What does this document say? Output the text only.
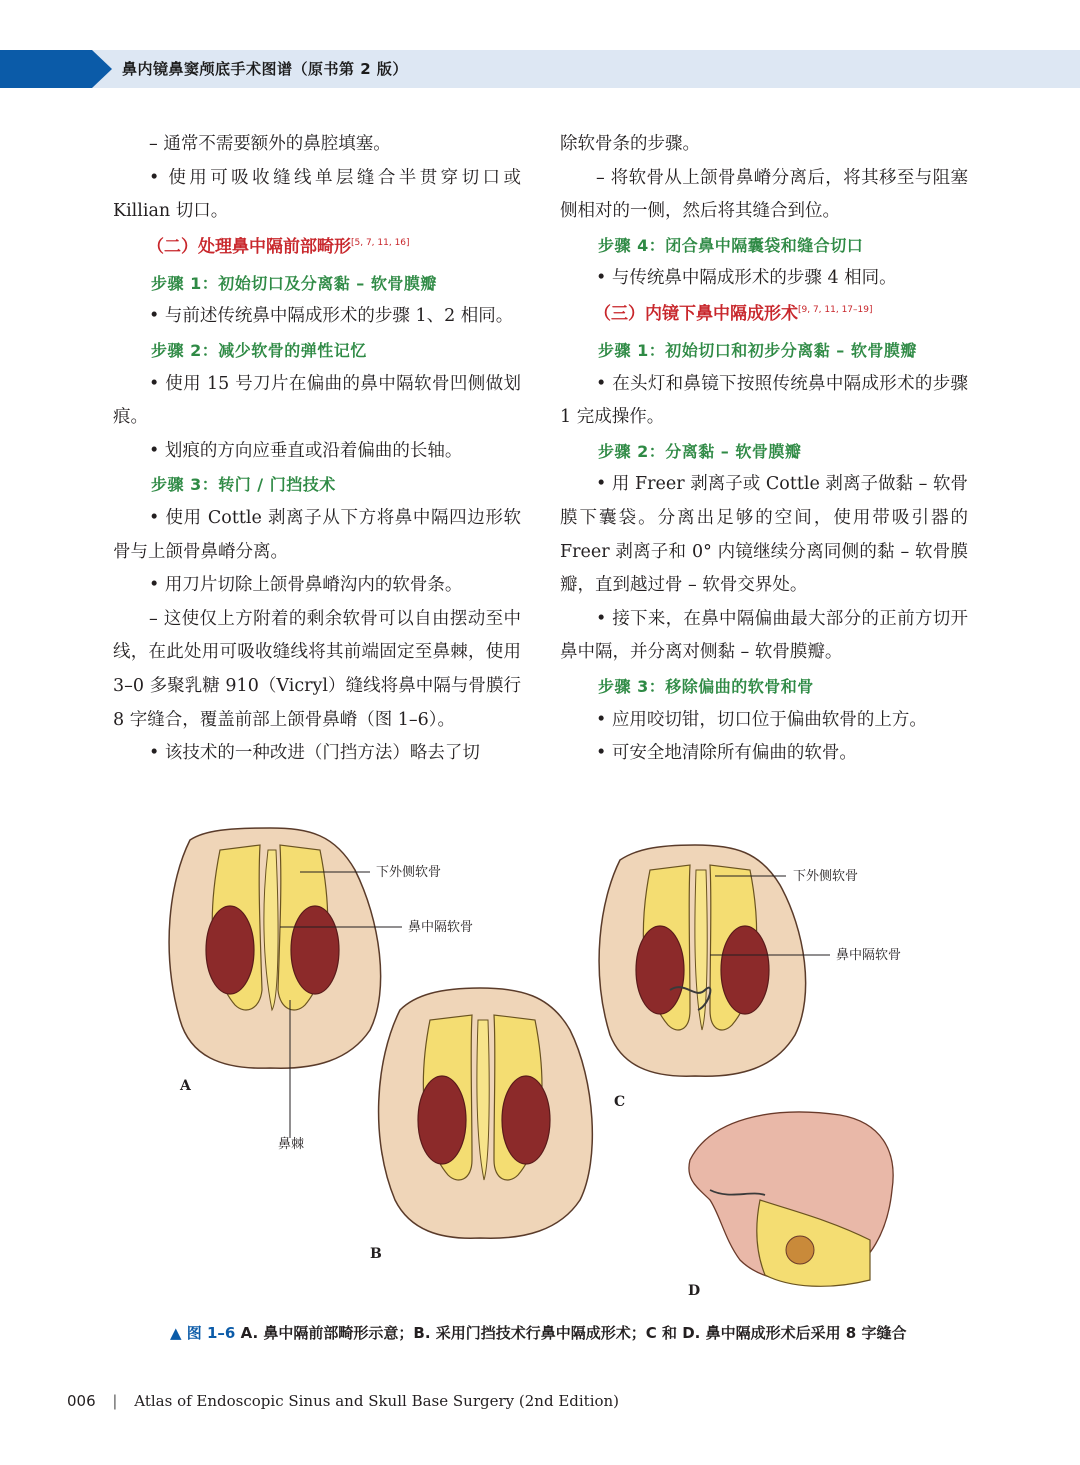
鼻内镜鼻窦颅底手术图谱（原书第 2 版）

– 通常不需要额外的鼻腔填塞。

• 使用可吸收缝线单层缝合半贯穿切口或 Killian 切口。

（二）处理鼻中隔前部畸形[5, 7, 11, 16]

步骤 1：初始切口及分离黏 – 软骨膜瓣

• 与前述传统鼻中隔成形术的步骤 1、2 相同。

步骤 2：减少软骨的弹性记忆

• 使用 15 号刀片在偏曲的鼻中隔软骨凹侧做划痕。

• 划痕的方向应垂直或沿着偏曲的长轴。

步骤 3：转门 / 门挡技术

• 使用 Cottle 剥离子从下方将鼻中隔四边形软骨与上颌骨鼻嵴分离。

• 用刀片切除上颌骨鼻嵴沟内的软骨条。

– 这使仅上方附着的剩余软骨可以自由摆动至中线，在此处用可吸收缝线将其前端固定至鼻棘，使用 3–0 多聚乳糖 910（Vicryl）缝线将鼻中隔与骨膜行 8 字缝合，覆盖前部上颌骨鼻嵴（图 1–6）。

• 该技术的一种改进（门挡方法）略去了切

除软骨条的步骤。

– 将软骨从上颌骨鼻嵴分离后，将其移至与阻塞侧相对的一侧，然后将其缝合到位。

步骤 4：闭合鼻中隔囊袋和缝合切口

• 与传统鼻中隔成形术的步骤 4 相同。

（三）内镜下鼻中隔成形术[9, 7, 11, 17–19]

步骤 1：初始切口和初步分离黏 – 软骨膜瓣

• 在头灯和鼻镜下按照传统鼻中隔成形术的步骤 1 完成操作。

步骤 2：分离黏 – 软骨膜瓣

• 用 Freer 剥离子或 Cottle 剥离子做黏 – 软骨膜下囊袋。分离出足够的空间，使用带吸引器的 Freer 剥离子和 0° 内镜继续分离同侧的黏 – 软骨膜瓣，直到越过骨 – 软骨交界处。

• 接下来，在鼻中隔偏曲最大部分的正前方切开鼻中隔，并分离对侧黏 – 软骨膜瓣。

步骤 3：移除偏曲的软骨和骨

• 应用咬切钳，切口位于偏曲软骨的上方。

• 可安全地清除所有偏曲的软骨。

下外侧软骨
鼻中隔软骨
鼻棘
A
B
下外侧软骨
鼻中隔软骨
C
D
▲ 图 1–6 A. 鼻中隔前部畸形示意；B. 采用门挡技术行鼻中隔成形术；C 和 D. 鼻中隔成形术后采用 8 字缝合
006 | Atlas of Endoscopic Sinus and Skull Base Surgery (2nd Edition)
